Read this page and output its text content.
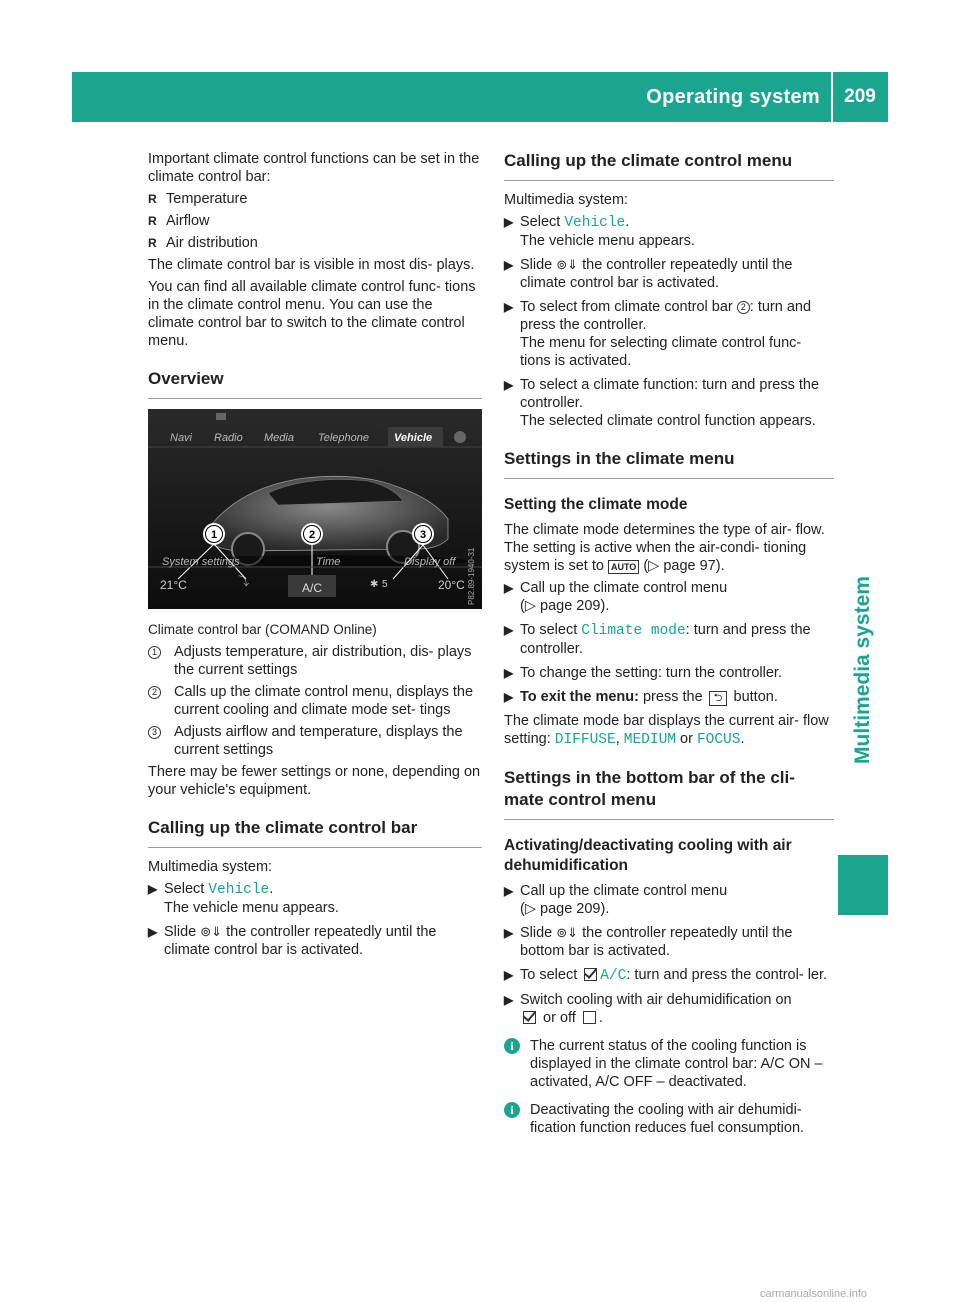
Operating system	209
Multimedia system

Important climate control functions can be set in the climate control bar:

R Temperature
R Airflow
R Air distribution

The climate control bar is visible in most dis- plays.

You can find all available climate control func- tions in the climate control menu. You can use the climate control bar to switch to the climate control menu.

Overview
Navi Radio Media Telephone Vehicle
1	2	3
System settings	Time	Display off
21°C	⤵	A/C	✱ 5	20°C P82.89-1940-31

Climate control bar (COMAND Online)

1 Adjusts temperature, air distribution, dis- plays the current settings
2 Calls up the climate control menu, displays the current cooling and climate mode set- tings
3 Adjusts airflow and temperature, displays the current settings

There may be fewer settings or none, depending on your vehicle's equipment.

Calling up the climate control bar

Multimedia system:

▶ Select Vehicle.
The vehicle menu appears.
▶ Slide ⊚⇓ the controller repeatedly until the climate control bar is activated.
Calling up the climate control menu

Multimedia system:

▶ Select Vehicle.
The vehicle menu appears.
▶ Slide ⊚⇓ the controller repeatedly until the climate control bar is activated.
▶ To select from climate control bar 2 : turn and press the controller.
The menu for selecting climate control func- tions is activated.
▶ To select a climate function: turn and press the controller.
The selected climate control function appears.
Settings in the climate menu
Setting the climate mode

The climate mode determines the type of air- flow. The setting is active when the air-condi- tioning system is set to AUTO (▷ page 97).

▶ Call up the climate control menu
(▷ page 209).
▶ To select Climate mode: turn and press the controller.
▶ To change the setting: turn the controller.
▶ To exit the menu: press the ⮌ button.

The climate mode bar displays the current air- flow setting: DIFFUSE, MEDIUM or FOCUS.

Settings in the bottom bar of the cli- mate control menu
Activating/deactivating cooling with air dehumidification
▶ Call up the climate control menu
(▷ page 209).
▶ Slide ⊚⇓ the controller repeatedly until the bottom bar is activated.
▶ To select A/C: turn and press the control- ler.
▶ Switch cooling with air dehumidification on
or off .
i	The current status of the cooling function is displayed in the climate control bar: A/C ON – activated, A/C OFF – deactivated.
i	Deactivating the cooling with air dehumidi- fication function reduces fuel consumption.
carmanualsonline.info
